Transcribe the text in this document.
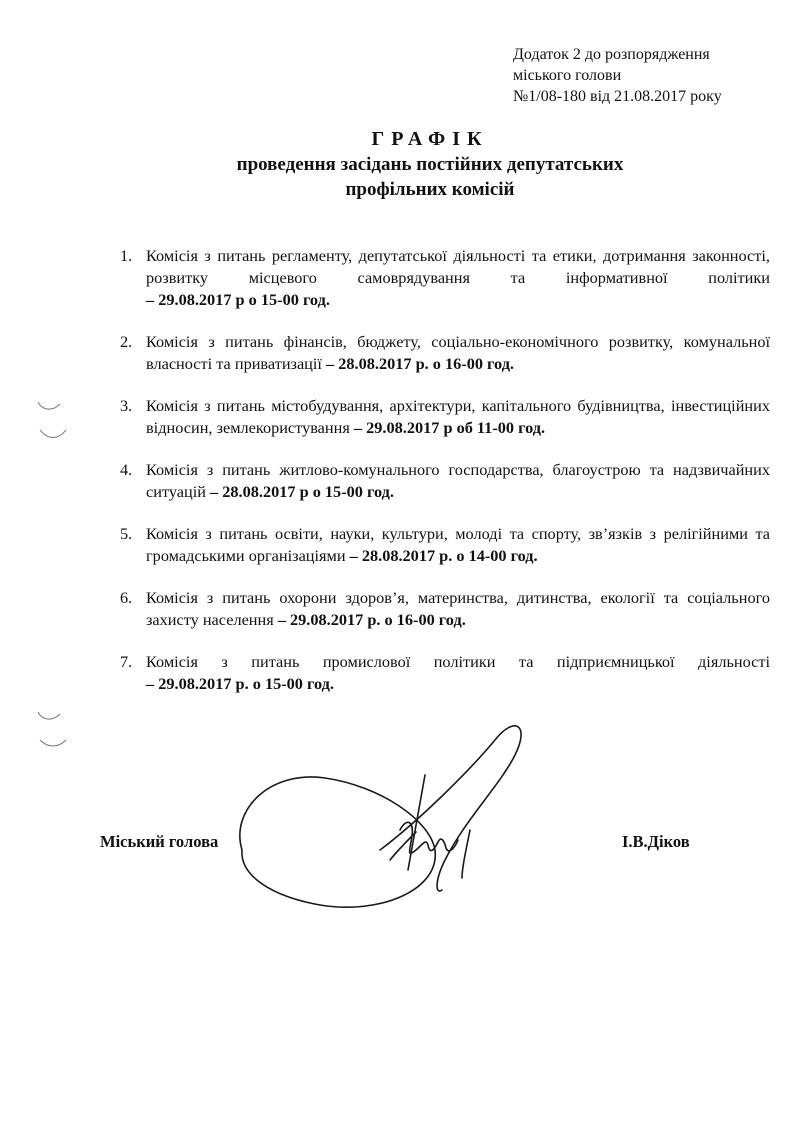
Додаток 2 до розпорядження
міського голови
№1/08-180 від 21.08.2017 року
ГРАФІК
проведення засідань постійних депутатських
профільних комісій
1. Комісія з питань регламенту, депутатської діяльності та етики, дотримання законності, розвитку місцевого самоврядування та інформативної політики – 29.08.2017 р о 15-00 год.
2. Комісія з питань фінансів, бюджету, соціально-економічного розвитку, комунальної власності та приватизації – 28.08.2017 р. о 16-00 год.
3. Комісія з питань містобудування, архітектури, капітального будівництва, інвестиційних відносин, землекористування – 29.08.2017 р об 11-00 год.
4. Комісія з питань житлово-комунального господарства, благоустрою та надзвичайних ситуацій – 28.08.2017 р о 15-00 год.
5. Комісія з питань освіти, науки, культури, молоді та спорту, зв’язків з релігійними та громадськими організаціями – 28.08.2017 р. о 14-00 год.
6. Комісія з питань охорони здоров’я, материнства, дитинства, екології та соціального захисту населення – 29.08.2017 р. о 16-00 год.
7. Комісія з питань промислової політики та підприємницької діяльності – 29.08.2017 р. о 15-00 год.
Міський голова	І.В.Діков
